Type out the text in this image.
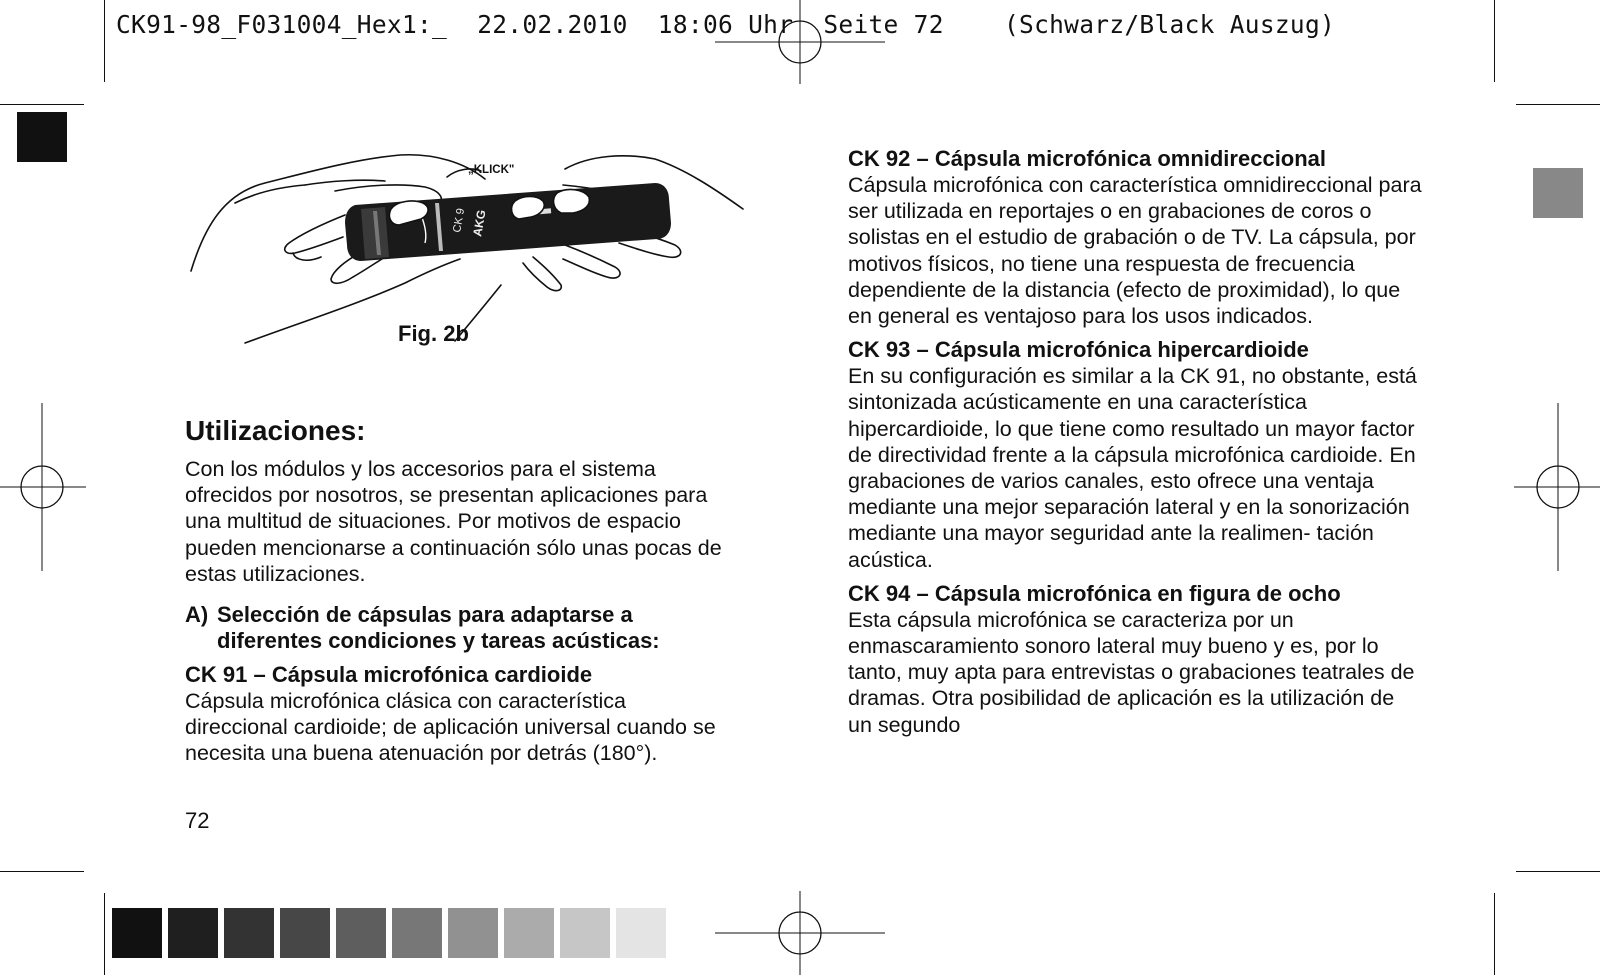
CK91-98_F031004_Hex1:_  22.02.2010  18:06 Uhr  Seite 72    (Schwarz/Black Auszug)
CK 9 AKG
„KLICK"
Fig. 2b
Utilizaciones:

Con los módulos y los accesorios para el sistema ofrecidos por nosotros, se presentan aplicaciones para una multitud de situaciones. Por motivos de espacio pueden mencionarse a continuación sólo unas pocas de estas utilizaciones.

A) Selección de cápsulas para adaptarse a diferentes condiciones y tareas acústicas:
CK 91 – Cápsula microfónica cardioide

Cápsula microfónica clásica con característica direccional cardioide; de aplicación universal cuando se necesita una buena atenuación por detrás (180°).

72
CK 92 – Cápsula microfónica omnidireccional

Cápsula microfónica con característica omnidireccional para ser utilizada en reportajes o en grabaciones de coros o solistas en el estudio de grabación o de TV. La cápsula, por motivos físicos, no tiene una respuesta de frecuencia dependiente de la distancia (efecto de proximidad), lo que en general es ventajoso para los usos indicados.

CK 93 – Cápsula microfónica hipercardioide

En su configuración es similar a la CK 91, no obstante, está sintonizada acústicamente en una característica hipercardioide, lo que tiene como resultado un mayor factor de directividad frente a la cápsula microfónica cardioide. En grabaciones de varios canales, esto ofrece una ventaja mediante una mejor separación lateral y en la sonorización mediante una mayor seguridad ante la realimen- tación acústica.

CK 94 – Cápsula microfónica en figura de ocho

Esta cápsula microfónica se caracteriza por un enmascaramiento sonoro lateral muy bueno y es, por lo tanto, muy apta para entrevistas o grabaciones teatrales de dramas. Otra posibilidad de aplicación es la utilización de un segundo
